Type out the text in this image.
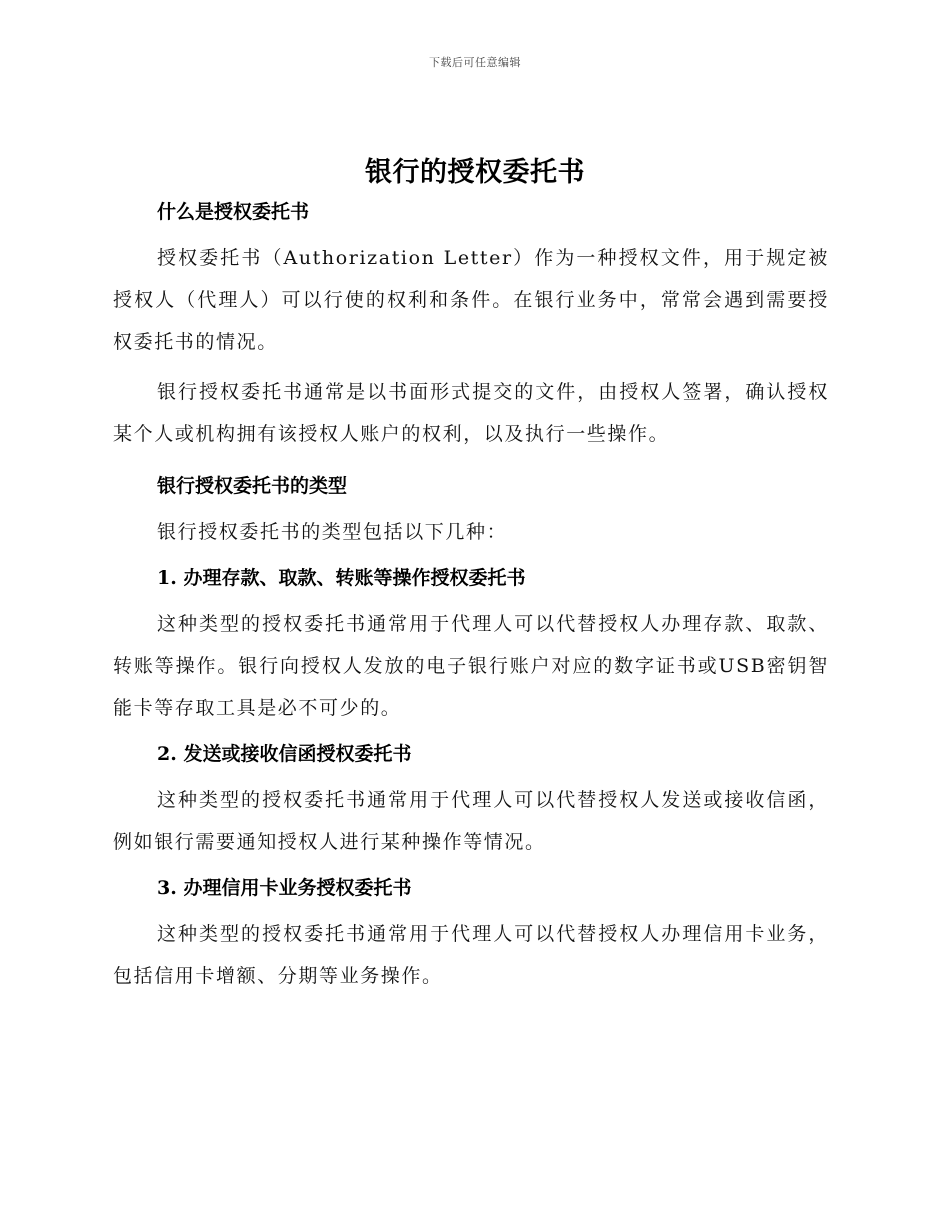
下载后可任意编辑
银行的授权委托书

什么是授权委托书

授权委托书（Authorization Letter）作为一种授权文件，用于规定被授权人（代理人）可以行使的权利和条件。在银行业务中，常常会遇到需要授权委托书的情况。

银行授权委托书通常是以书面形式提交的文件，由授权人签署，确认授权某个人或机构拥有该授权人账户的权利，以及执行一些操作。

银行授权委托书的类型

银行授权委托书的类型包括以下几种：

1. 办理存款、取款、转账等操作授权委托书

这种类型的授权委托书通常用于代理人可以代替授权人办理存款、取款、转账等操作。银行向授权人发放的电子银行账户对应的数字证书或USB密钥智能卡等存取工具是必不可少的。

2. 发送或接收信函授权委托书

这种类型的授权委托书通常用于代理人可以代替授权人发送或接收信函，例如银行需要通知授权人进行某种操作等情况。

3. 办理信用卡业务授权委托书

这种类型的授权委托书通常用于代理人可以代替授权人办理信用卡业务，包括信用卡增额、分期等业务操作。
